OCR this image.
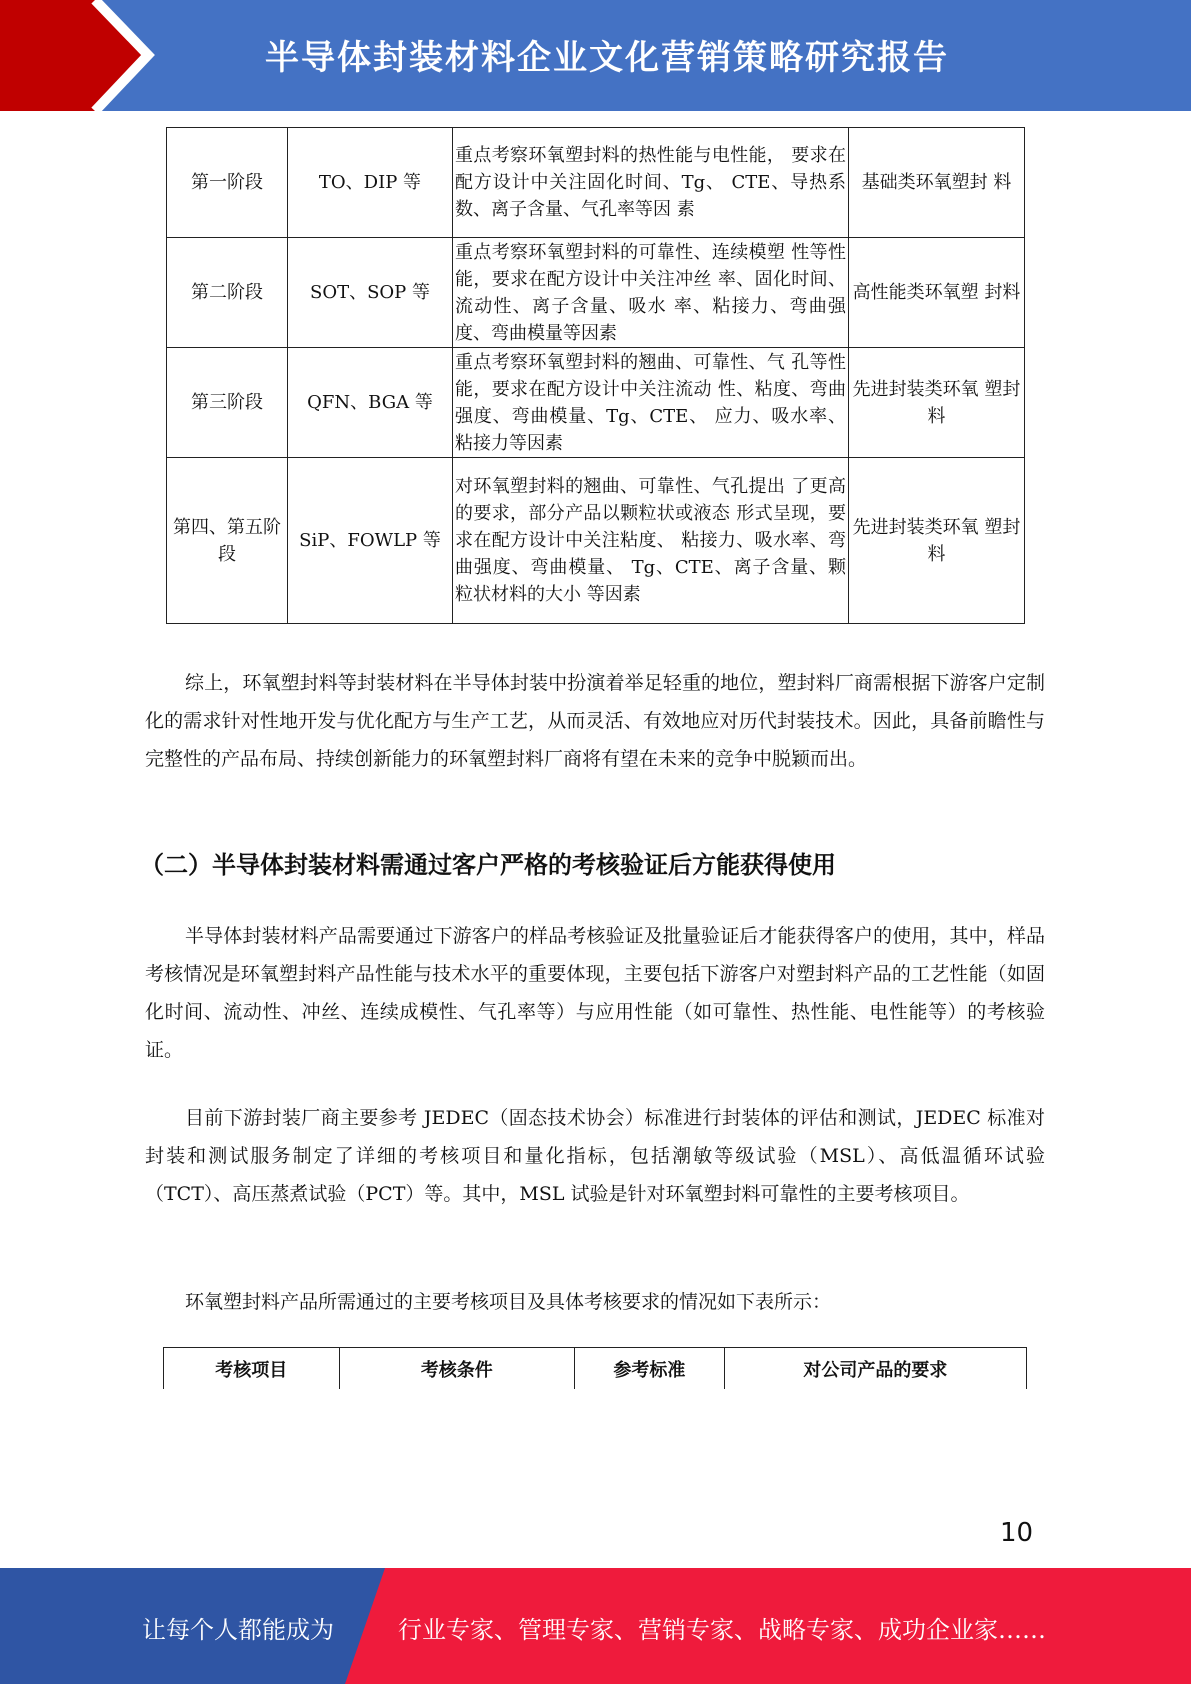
半导体封装材料企业文化营销策略研究报告
第一阶段	TO、DIP 等	重点考察环氧塑封料的热性能与电性能， 要求在配方设计中关注固化时间、Tg、 CTE、导热系数、离子含量、气孔率等因 素	基础类环氧塑封 料
第二阶段	SOT、SOP 等	重点考察环氧塑封料的可靠性、连续模塑 性等性能，要求在配方设计中关注冲丝 率、固化时间、流动性、离子含量、吸水 率、粘接力、弯曲强度、弯曲模量等因素	高性能类环氧塑 封料
第三阶段	QFN、BGA 等	重点考察环氧塑封料的翘曲、可靠性、气 孔等性能，要求在配方设计中关注流动 性、粘度、弯曲强度、弯曲模量、Tg、CTE、 应力、吸水率、粘接力等因素	先进封装类环氧 塑封料
第四、第五阶段	SiP、FOWLP 等	对环氧塑封料的翘曲、可靠性、气孔提出 了更高的要求，部分产品以颗粒状或液态 形式呈现，要求在配方设计中关注粘度、 粘接力、吸水率、弯曲强度、弯曲模量、 Tg、CTE、离子含量、颗粒状材料的大小 等因素	先进封装类环氧 塑封料

综上，环氧塑封料等封装材料在半导体封装中扮演着举足轻重的地位，塑封料厂商需根据下游客户定制化的需求针对性地开发与优化配方与生产工艺，从而灵活、有效地应对历代封装技术。因此，具备前瞻性与完整性的产品布局、持续创新能力的环氧塑封料厂商将有望在未来的竞争中脱颖而出。

（二）半导体封装材料需通过客户严格的考核验证后方能获得使用

半导体封装材料产品需要通过下游客户的样品考核验证及批量验证后才能获得客户的使用，其中，样品考核情况是环氧塑封料产品性能与技术水平的重要体现，主要包括下游客户对塑封料产品的工艺性能（如固化时间、流动性、冲丝、连续成模性、气孔率等）与应用性能（如可靠性、热性能、电性能等）的考核验证。

目前下游封装厂商主要参考 JEDEC（固态技术协会）标准进行封装体的评估和测试，JEDEC 标准对封装和测试服务制定了详细的考核项目和量化指标，包括潮敏等级试验（MSL）、高低温循环试验（TCT）、高压蒸煮试验（PCT）等。其中，MSL 试验是针对环氧塑封料可靠性的主要考核项目。

环氧塑封料产品所需通过的主要考核项目及具体考核要求的情况如下表所示：

考核项目	考核条件	参考标准	对公司产品的要求
10
让每个人都能成为	行业专家、管理专家、营销专家、战略专家、成功企业家……
